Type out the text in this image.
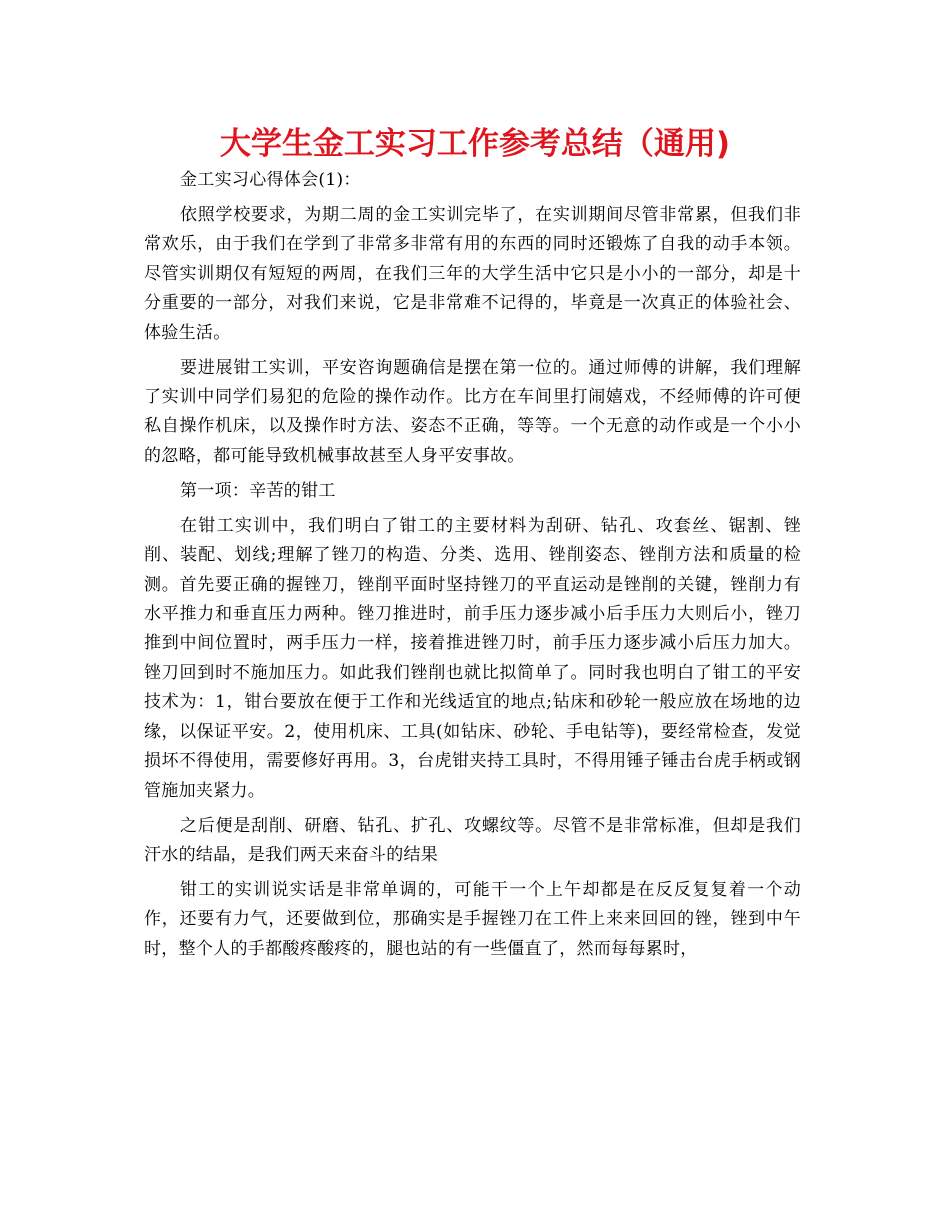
大学生金工实习工作参考总结（通用)

金工实习心得体会(1)：

依照学校要求，为期二周的金工实训完毕了，在实训期间尽管非常累，但我们非常欢乐，由于我们在学到了非常多非常有用的东西的同时还锻炼了自我的动手本领。尽管实训期仅有短短的两周，在我们三年的大学生活中它只是小小的一部分，却是十分重要的一部分，对我们来说，它是非常难不记得的，毕竟是一次真正的体验社会、体验生活。

要进展钳工实训，平安咨询题确信是摆在第一位的。通过师傅的讲解，我们理解了实训中同学们易犯的危险的操作动作。比方在车间里打闹嬉戏，不经师傅的许可便私自操作机床，以及操作时方法、姿态不正确，等等。一个无意的动作或是一个小小的忽略，都可能导致机械事故甚至人身平安事故。

第一项：辛苦的钳工

在钳工实训中，我们明白了钳工的主要材料为刮研、钻孔、攻套丝、锯割、锉削、装配、划线;理解了锉刀的构造、分类、选用、锉削姿态、锉削方法和质量的检测。首先要正确的握锉刀，锉削平面时坚持锉刀的平直运动是锉削的关键，锉削力有水平推力和垂直压力两种。锉刀推进时，前手压力逐步减小后手压力大则后小，锉刀推到中间位置时，两手压力一样，接着推进锉刀时，前手压力逐步减小后压力加大。锉刀回到时不施加压力。如此我们锉削也就比拟简单了。同时我也明白了钳工的平安技术为：1，钳台要放在便于工作和光线适宜的地点;钻床和砂轮一般应放在场地的边缘，以保证平安。2，使用机床、工具(如钻床、砂轮、手电钻等)，要经常检查，发觉损坏不得使用，需要修好再用。3，台虎钳夹持工具时，不得用锤子锤击台虎手柄或钢管施加夹紧力。

之后便是刮削、研磨、钻孔、扩孔、攻螺纹等。尽管不是非常标准，但却是我们汗水的结晶，是我们两天来奋斗的结果

钳工的实训说实话是非常单调的，可能干一个上午却都是在反反复复着一个动作，还要有力气，还要做到位，那确实是手握锉刀在工件上来来回回的锉，锉到中午时，整个人的手都酸疼酸疼的，腿也站的有一些僵直了，然而每每累时，
